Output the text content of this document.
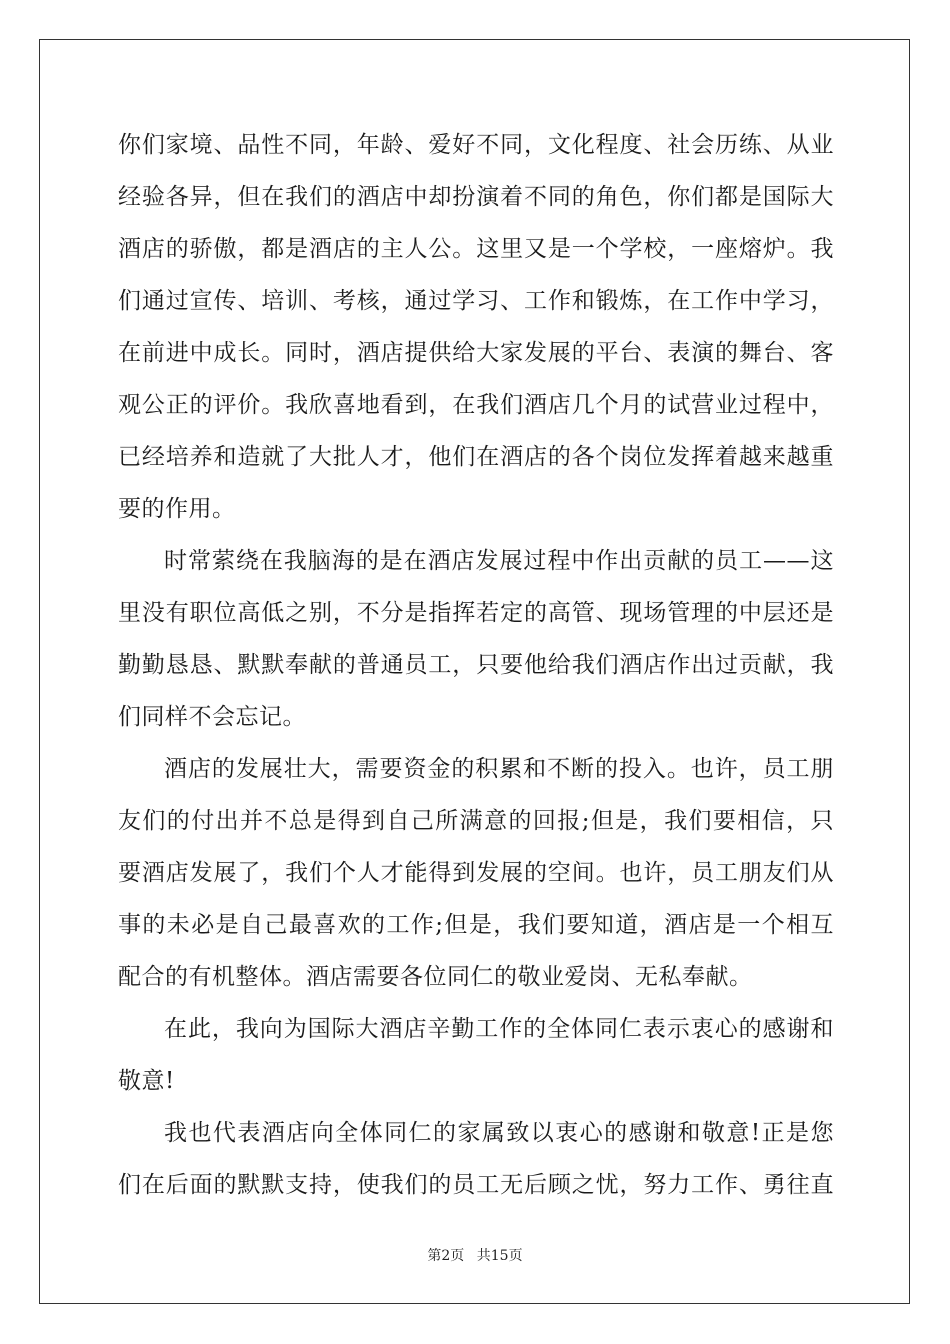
你们家境、品性不同，年龄、爱好不同，文化程度、社会历练、从业
经验各异，但在我们的酒店中却扮演着不同的角色，你们都是国际大
酒店的骄傲，都是酒店的主人公。这里又是一个学校，一座熔炉。我
们通过宣传、培训、考核，通过学习、工作和锻炼，在工作中学习，
在前进中成长。同时，酒店提供给大家发展的平台、表演的舞台、客
观公正的评价。我欣喜地看到，在我们酒店几个月的试营业过程中，
已经培养和造就了大批人才，他们在酒店的各个岗位发挥着越来越重
要的作用。
时常萦绕在我脑海的是在酒店发展过程中作出贡献的员工——这
里没有职位高低之别，不分是指挥若定的高管、现场管理的中层还是
勤勤恳恳、默默奉献的普通员工，只要他给我们酒店作出过贡献，我
们同样不会忘记。
酒店的发展壮大，需要资金的积累和不断的投入。也许，员工朋
友们的付出并不总是得到自己所满意的回报;但是，我们要相信，只
要酒店发展了，我们个人才能得到发展的空间。也许，员工朋友们从
事的未必是自己最喜欢的工作;但是，我们要知道，酒店是一个相互
配合的有机整体。酒店需要各位同仁的敬业爱岗、无私奉献。
在此，我向为国际大酒店辛勤工作的全体同仁表示衷心的感谢和
敬意!
我也代表酒店向全体同仁的家属致以衷心的感谢和敬意!正是您
们在后面的默默支持，使我们的员工无后顾之忧，努力工作、勇往直
第2页 共15页
